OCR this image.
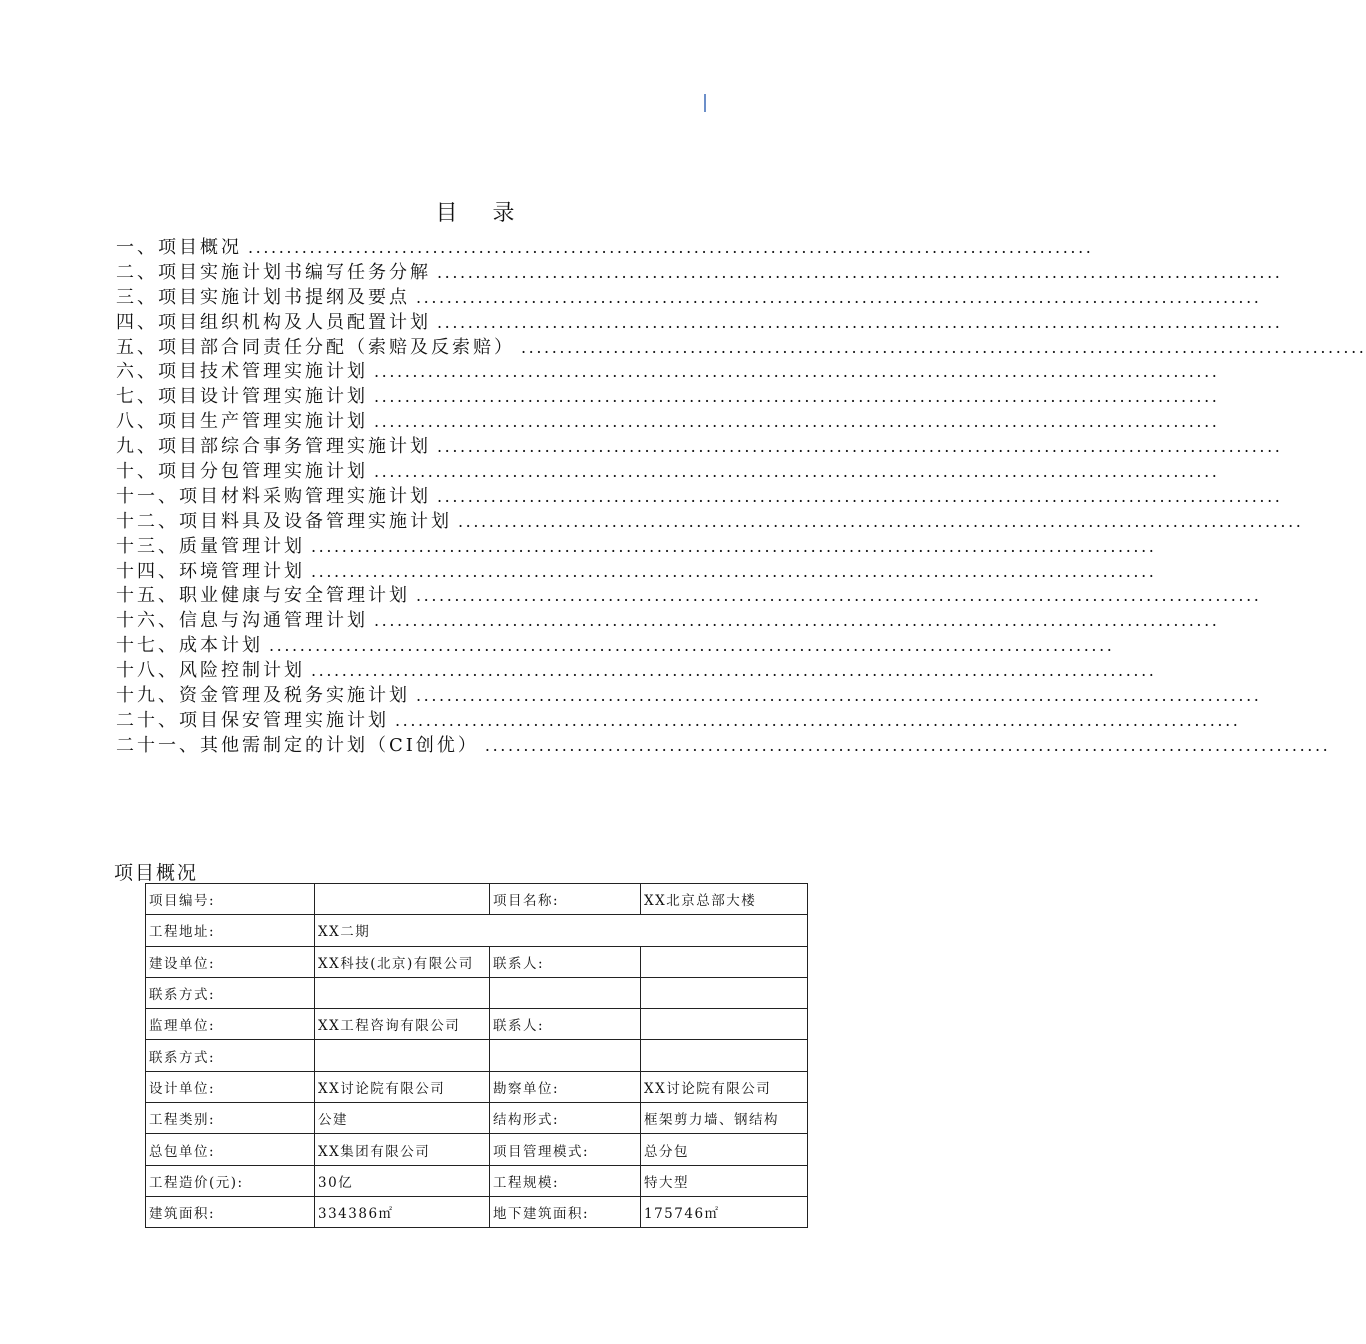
目 录
一、项目概况 ..............................................................................................................
二、项目实施计划书编写任务分解 ..............................................................................................................
三、项目实施计划书提纲及要点 ..............................................................................................................
四、项目组织机构及人员配置计划 ..............................................................................................................
五、项目部合同责任分配（索赔及反索赔） ..............................................................................................................
六、项目技术管理实施计划 ..............................................................................................................
七、项目设计管理实施计划 ..............................................................................................................
八、项目生产管理实施计划 ..............................................................................................................
九、项目部综合事务管理实施计划 ..............................................................................................................
十、项目分包管理实施计划 ..............................................................................................................
十一、项目材料采购管理实施计划 ..............................................................................................................
十二、项目料具及设备管理实施计划 ..............................................................................................................
十三、质量管理计划 ..............................................................................................................
十四、环境管理计划 ..............................................................................................................
十五、职业健康与安全管理计划 ..............................................................................................................
十六、信息与沟通管理计划 ..............................................................................................................
十七、成本计划 ..............................................................................................................
十八、风险控制计划 ..............................................................................................................
十九、资金管理及税务实施计划 ..............................................................................................................
二十、项目保安管理实施计划 ..............................................................................................................
二十一、其他需制定的计划（CI创优） ..............................................................................................................
项目概况
项目编号:		项目名称:	XX北京总部大楼
工程地址:	XX二期		
建设单位:	XX科技(北京)有限公司	联系人:	
联系方式:			
监理单位:	XX工程咨询有限公司	联系人:	
联系方式:			
设计单位:	XX讨论院有限公司	勘察单位:	XX讨论院有限公司
工程类别:	公建	结构形式:	框架剪力墙、钢结构
总包单位:	XX集团有限公司	项目管理模式:	总分包
工程造价(元):	30亿	工程规模:	特大型
建筑面积:	334386㎡	地下建筑面积:	175746㎡
